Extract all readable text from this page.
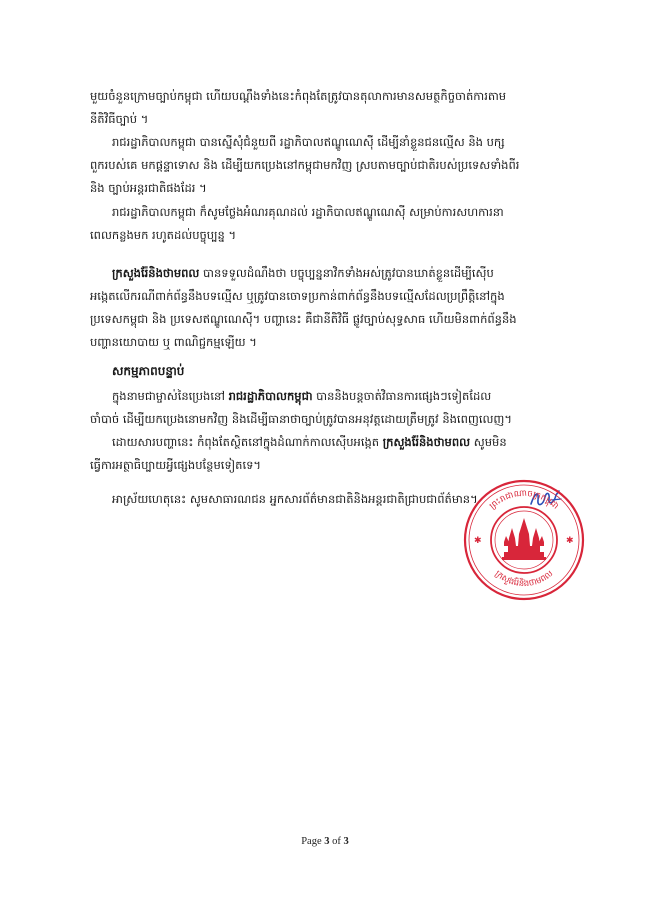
មួយចំនួនក្រោមច្បាប់កម្ពុជា ហើយបណ្ដឹងទាំងនេះកំពុងតែត្រូវបានតុលាការមានសមត្ថកិច្ចចាត់ការតាម
នីតិវិធីច្បាប់ ។
រាជរដ្ឋាភិបាលកម្ពុជា បានស្នើសុំជំនួយពី រដ្ឋាភិបាលឥណ្ឌូណេស៊ី ដើម្បីនាំខ្លួនជនល្មើស និង បក្ស
ពួករបស់គេ មកផ្តន្ទាទោស និង ដើម្បីយកប្រេងនៅកម្ពុជាមកវិញ ស្របតាមច្បាប់ជាតិរបស់ប្រទេសទាំងពីរ
និង ច្បាប់អន្តរជាតិផងដែរ ។
រាជរដ្ឋាភិបាលកម្ពុជា ក៏សូមថ្លែងអំណរគុណដល់ រដ្ឋាភិបាលឥណ្ឌូណេស៊ី សម្រាប់ការសហការនា
ពេលកន្លងមក រហូតដល់បច្ចុប្បន្ន ។
ក្រសួងរ៉ែនិងថាមពល បានទទួលដំណឹងថា បច្ចុប្បន្ននាវិកទាំងអស់ត្រូវបានឃាត់ខ្លួនដើម្បីស៊ើប
អង្កេតលើករណីពាក់ព័ន្ធនឹងបទល្មើស ឬត្រូវបានចោទប្រកាន់ពាក់ព័ន្ធនឹងបទល្មើសដែលប្រព្រឹត្តិនៅក្នុង
ប្រទេសកម្ពុជា និង ប្រទេសឥណ្ឌូណេស៊ី។ បញ្ហានេះ គឺជានីតិវិធី ផ្លូវច្បាប់សុទ្ធសាធ ហើយមិនពាក់ព័ន្ធនឹង
បញ្ហានយោបាយ ឬ ពាណិជ្ជកម្មឡើយ ។
សកម្មភាពបន្ទាប់
ក្នុងនាមជាម្ចាស់នៃប្រេងនៅ រាជរដ្ឋាភិបាលកម្ពុជា បាននិងបន្តចាត់វិធានការផ្សេងៗទៀតដែល
ចាំបាច់ ដើម្បីយកប្រេងនោមកវិញ និងដើម្បីធានាថាច្បាប់ត្រូវបានអនុវត្តដោយត្រឹមត្រូវ និងពេញលេញ។
ដោយសារបញ្ហានេះ កំពុងតែស្ថិតនៅក្នុងដំណាក់កាលស៊ើបអង្កេត ក្រសួងរ៉ែនិងថាមពល សូមមិន
ធ្វើការអត្ថាធិប្បាយអ្វីផ្សេងបន្ថែមទៀតទេ។
អាស្រ័យហេតុនេះ សូមសាធារណជន អ្នកសារព័ត៌មានជាតិនិងអន្តរជាតិជ្រាបជាព័ត៌មាន។	ព្រះរាជាណាចក្រកម្ពុជា
ក្រសួងរ៉ែនិងថាមពល
✱	✱
Page 3 of 3
